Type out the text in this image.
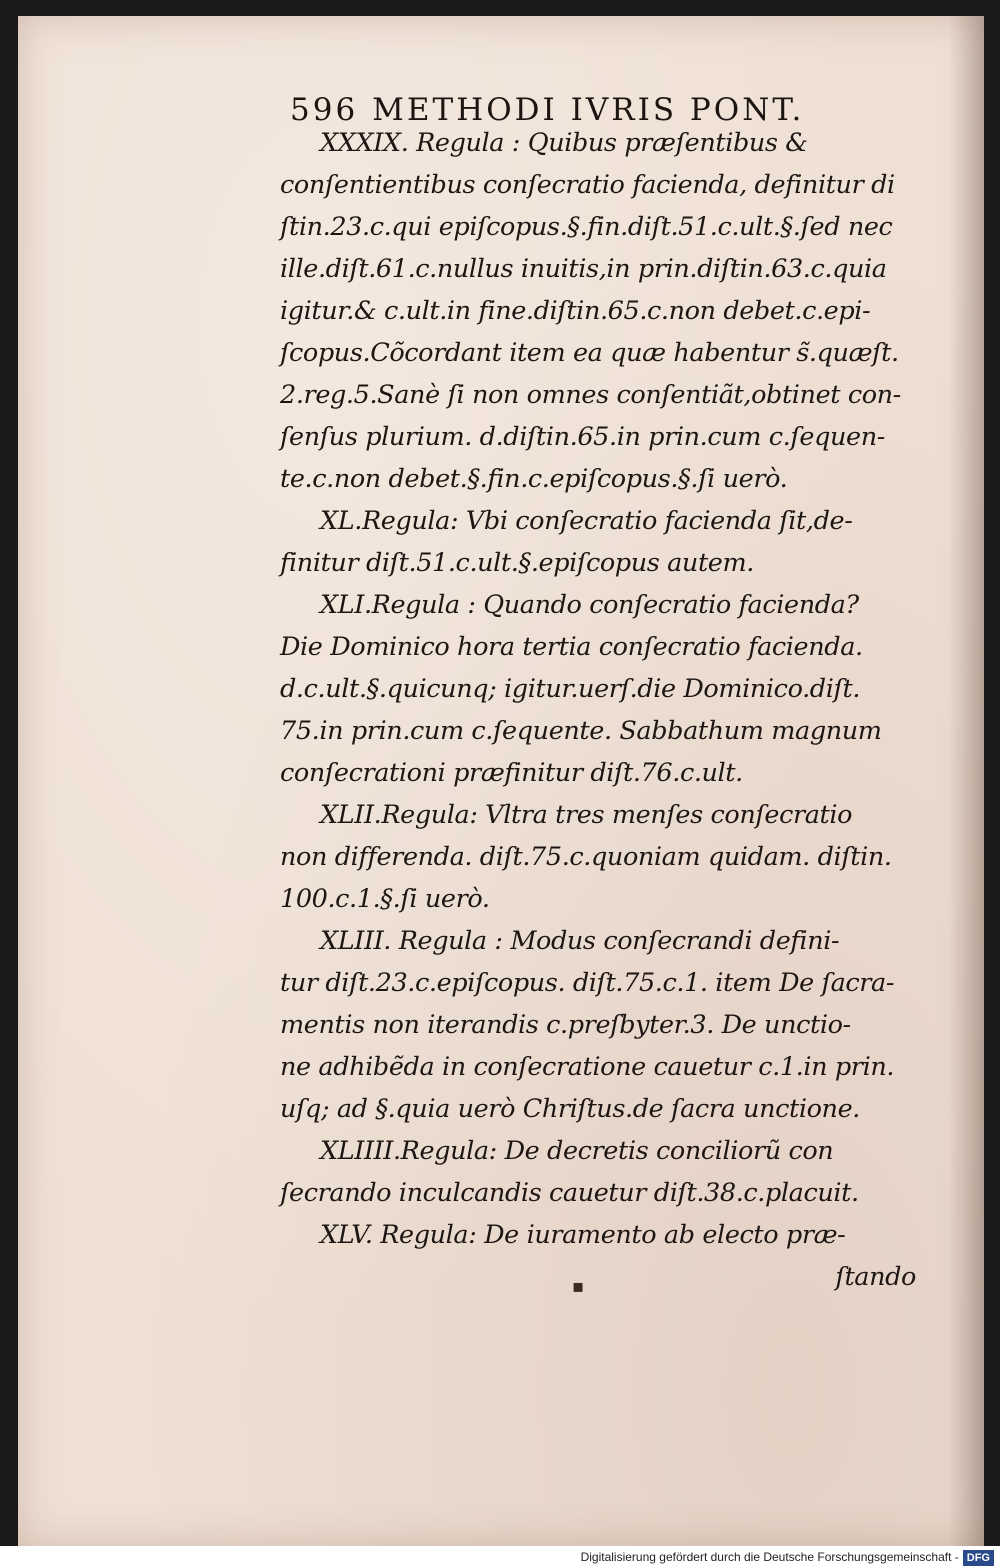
596 METHODI IVRIS PONT.
XXXIX. Regula : Quibus præſentibus &
conſentientibus conſecratio facienda, definitur di
ſtin.23.c.qui epiſcopus.§.fin.diſt.51.c.ult.§.ſed nec
ille.diſt.61.c.nullus inuitis,in prin.diſtin.63.c.quia
igitur.& c.ult.in fine.diſtin.65.c.non debet.c.epi-
ſcopus.Cõcordant item ea quæ habentur s̃.quæſt.
2.reg.5.Sanè ſi non omnes conſentiãt,obtinet con-
ſenſus plurium. d.diſtin.65.in prin.cum c.ſequen-
te.c.non debet.§.fin.c.epiſcopus.§.ſi uerò.
XL.Regula: Vbi conſecratio facienda ſit,de-
finitur diſt.51.c.ult.§.epiſcopus autem.
XLI.Regula : Quando conſecratio facienda?
Die Dominico hora tertia conſecratio facienda.
d.c.ult.§.quicunq; igitur.uerſ.die Dominico.diſt.
75.in prin.cum c.ſequente. Sabbathum magnum
conſecrationi præfinitur diſt.76.c.ult.
XLII.Regula: Vltra tres menſes conſecratio
non differenda. diſt.75.c.quoniam quidam. diſtin.
100.c.1.§.ſi uerò.
XLIII. Regula : Modus conſecrandi defini-
tur diſt.23.c.epiſcopus. diſt.75.c.1. item De ſacra-
mentis non iterandis c.preſbyter.3. De unctio-
ne adhibẽda in conſecratione cauetur c.1.in prin.
uſq; ad §.quia uerò Chriſtus.de ſacra unctione.
XLIIII.Regula: De decretis conciliorũ con
ſecrando inculcandis cauetur diſt.38.c.placuit.
XLV. Regula: De iuramento ab electo præ-
ſtando
▪
Digitalisierung gefördert durch die Deutsche Forschungsgemeinschaft - DFG
